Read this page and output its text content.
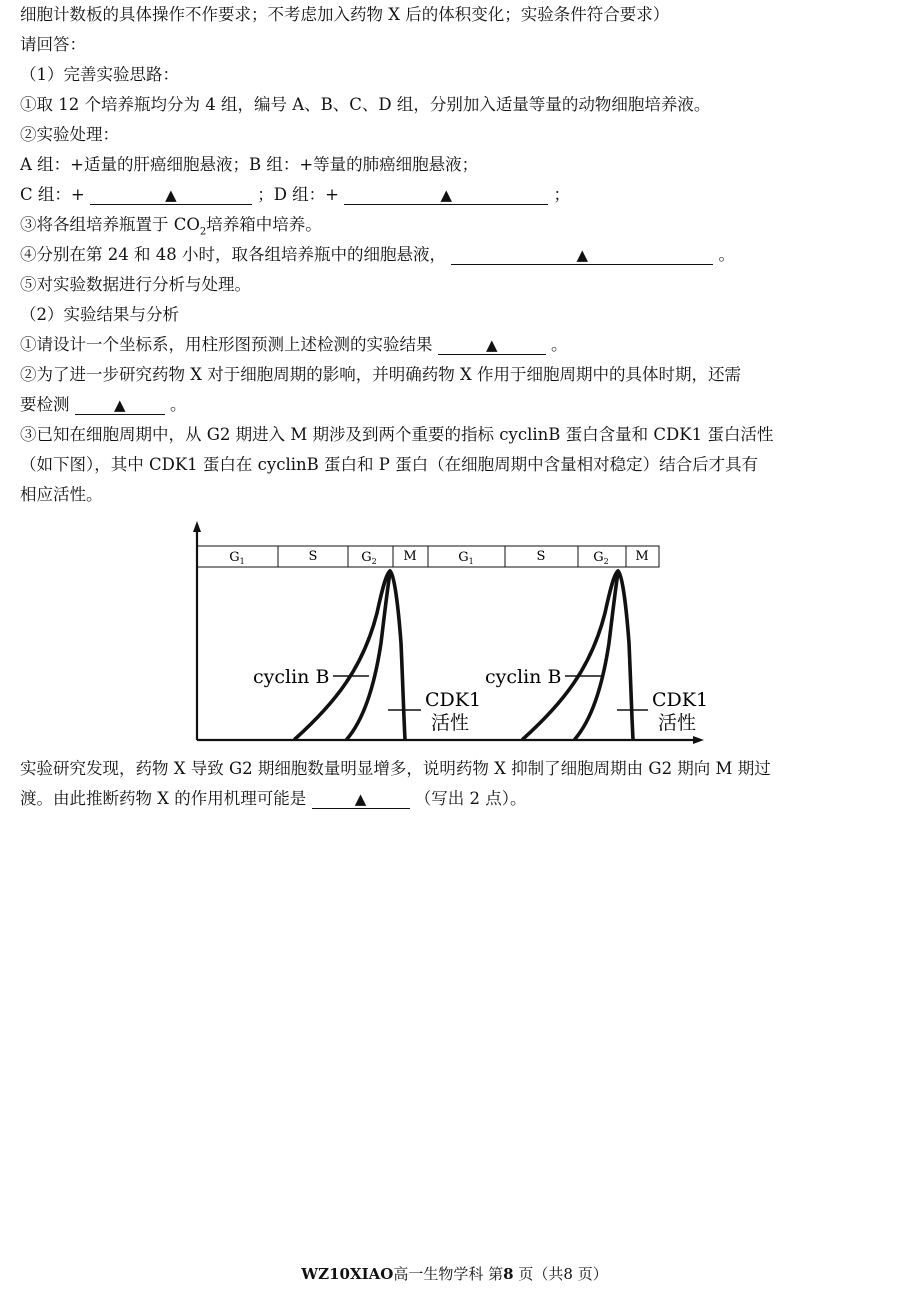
细胞计数板的具体操作不作要求；不考虑加入药物 X 后的体积变化；实验条件符合要求）
请回答：
（1）完善实验思路：
①取 12 个培养瓶均分为 4 组，编号 A、B、C、D 组，分别加入适量等量的动物细胞培养液。
②实验处理：
A 组：+适量的肝癌细胞悬液；B 组：+等量的肺癌细胞悬液；
C 组：+	▲	；D 组：+	▲	；
③将各组培养瓶置于 $CO_2$培养箱中培养。
④分别在第 24 和 48 小时，取各组培养瓶中的细胞悬液，	▲	。
⑤对实验数据进行分析与处理。
（2）实验结果与分析
①请设计一个坐标系，用柱形图预测上述检测的实验结果	▲	。
②为了进一步研究药物 X 对于细胞周期的影响，并明确药物 X 作用于细胞周期中的具体时期，还需
要检测	▲	。
③已知在细胞周期中，从 G2 期进入 M 期涉及到两个重要的指标 cyclinB 蛋白含量和 CDK1 蛋白活性
（如下图），其中 CDK1 蛋白在 cyclinB 蛋白和 P 蛋白（在细胞周期中含量相对稳定）结合后才具有
相应活性。
$G_1$	S	$G_2$ M	$G_1$	S	$G_2$ M
cyclin B
CDK1
活性
cyclin B
CDK1
活性
实验研究发现，药物 X 导致 G2 期细胞数量明显增多，说明药物 X 抑制了细胞周期由 G2 期向 M 期过
渡。由此推断药物 X 的作用机理可能是	▲	（写出 2 点）。
WZ10XIAO高一生物学科 第8 页（共8 页）
